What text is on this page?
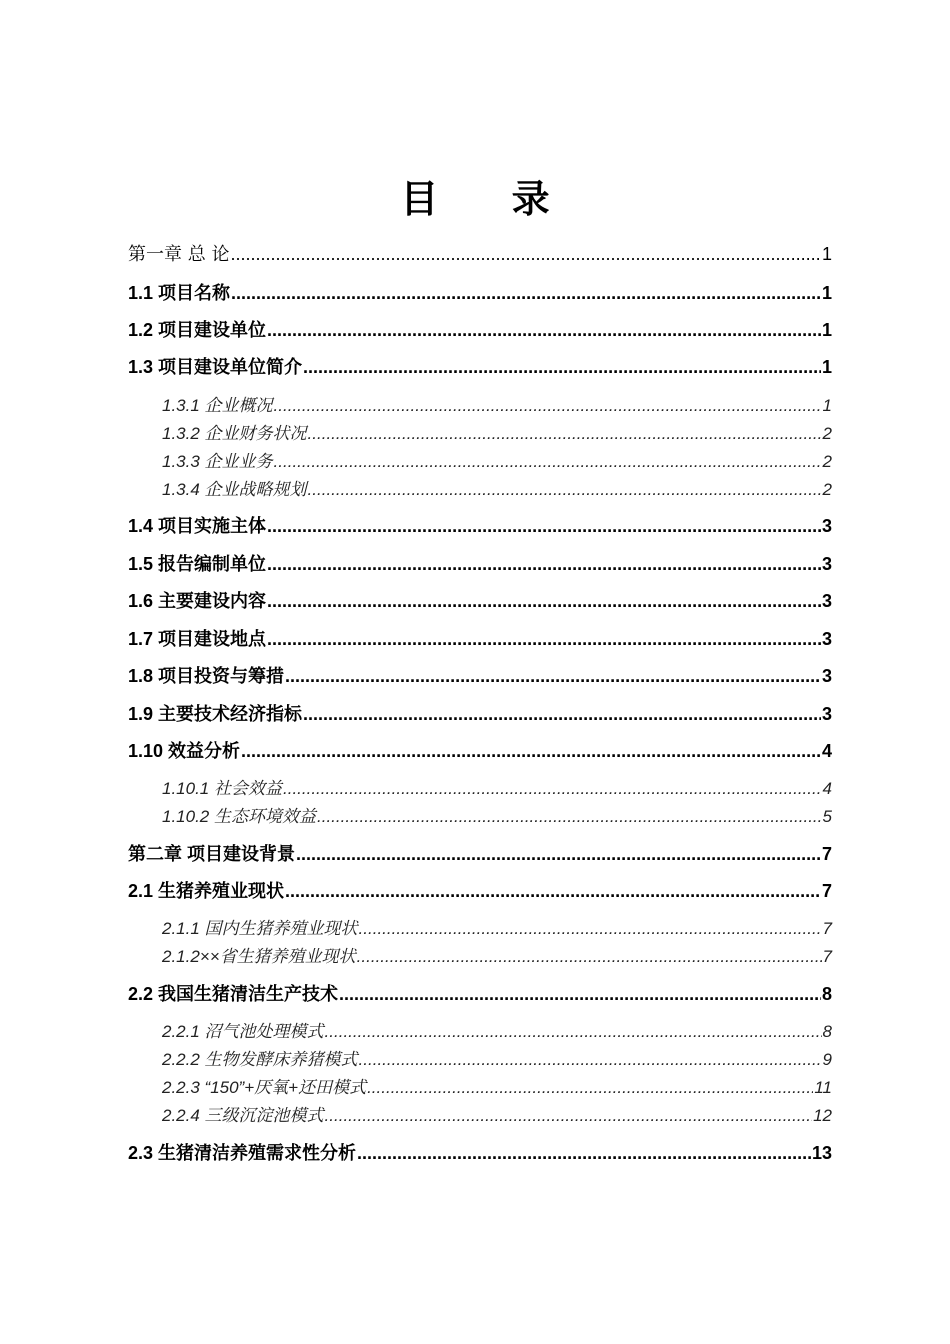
目 录
第一章 总 论 .....	1
1.1 项目名称 .....	1
1.2 项目建设单位 .....	1
1.3 项目建设单位简介 .....	1
1.3.1 企业概况 .....	1
1.3.2 企业财务状况 .....	2
1.3.3 企业业务 .....	2
1.3.4 企业战略规划 .....	2
1.4 项目实施主体 .....	3
1.5 报告编制单位 .....	3
1.6 主要建设内容 .....	3
1.7 项目建设地点 .....	3
1.8 项目投资与筹措 .....	3
1.9 主要技术经济指标 .....	3
1.10 效益分析 .....	4
1.10.1 社会效益 .....	4
1.10.2 生态环境效益 .....	5
第二章 项目建设背景 .....	7
2.1 生猪养殖业现状 .....	7
2.1.1 国内生猪养殖业现状 .....	7
2.1.2××省生猪养殖业现状 .....	7
2.2 我国生猪清洁生产技术 .....	8
2.2.1 沼气池处理模式 .....	8
2.2.2 生物发酵床养猪模式 .....	9
2.2.3 “150”+厌氧+还田模式 .....	11
2.2.4 三级沉淀池模式 .....	12
2.3 生猪清洁养殖需求性分析 .....	13
